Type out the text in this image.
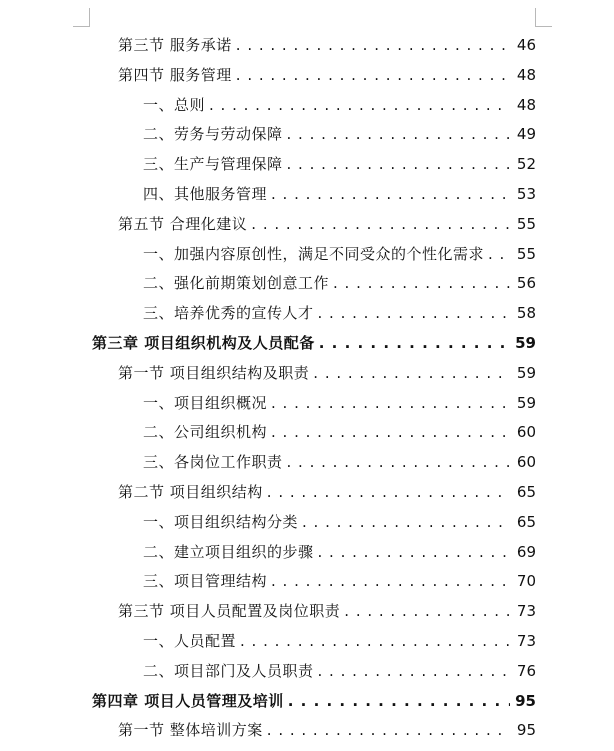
第三节 服务承诺 . . .	46
第四节 服务管理 . . .	48
一、总则 . . .	48
二、劳务与劳动保障 . . .	49
三、生产与管理保障 . . .	52
四、其他服务管理 . . .	53
第五节 合理化建议 . . .	55
一、加强内容原创性，满足不同受众的个性化需求 . . . 55
二、强化前期策划创意工作 . . .	56
三、培养优秀的宣传人才 . . .	58
第三章 项目组织机构及人员配备 . . .	59
第一节 项目组织结构及职责 . . .	59
一、项目组织概况 . . .	59
二、公司组织机构 . . .	60
三、各岗位工作职责 . . .	60
第二节 项目组织结构 . . .	65
一、项目组织结构分类 . . .	65
二、建立项目组织的步骤 . . .	69
三、项目管理结构 . . .	70
第三节 项目人员配置及岗位职责 . . .	73
一、人员配置 . . .	73
二、项目部门及人员职责 . . .	76
第四章 项目人员管理及培训 . . .	95
第一节 整体培训方案 . . .	95
